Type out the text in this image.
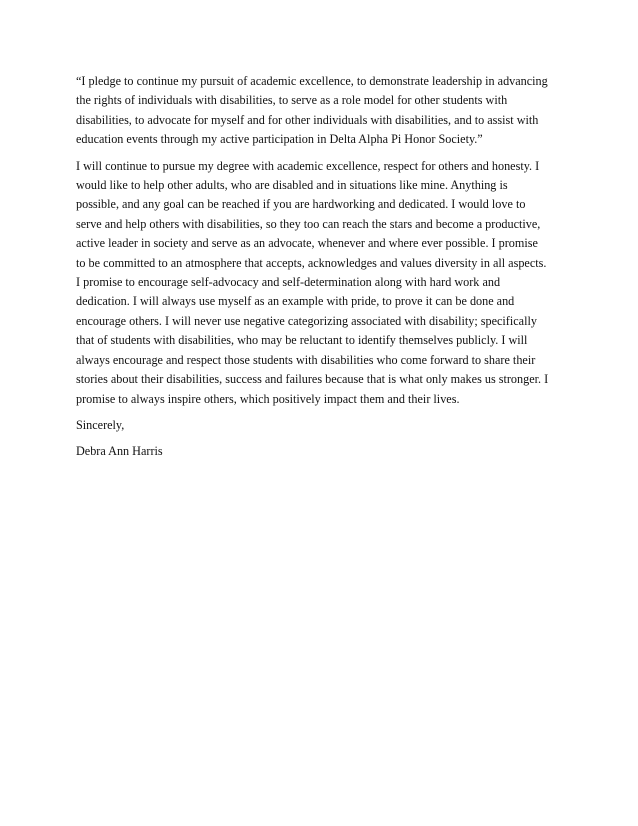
“I pledge to continue my pursuit of academic excellence, to demonstrate leadership in advancing
the rights of individuals with disabilities, to serve as a role model for other students with
disabilities, to advocate for myself and for other individuals with disabilities, and to assist with
education events through my active participation in Delta Alpha Pi Honor Society.”

I will continue to pursue my degree with academic excellence, respect for others and honesty. I
would like to help other adults, who are disabled and in situations like mine. Anything is
possible, and any goal can be reached if you are hardworking and dedicated. I would love to
serve and help others with disabilities, so they too can reach the stars and become a productive,
active leader in society and serve as an advocate, whenever and where ever possible. I promise
to be committed to an atmosphere that accepts, acknowledges and values diversity in all aspects.
I promise to encourage self-advocacy and self-determination along with hard work and
dedication. I will always use myself as an example with pride, to prove it can be done and
encourage others. I will never use negative categorizing associated with disability; specifically
that of students with disabilities, who may be reluctant to identify themselves publicly. I will
always encourage and respect those students with disabilities who come forward to share their
stories about their disabilities, success and failures because that is what only makes us stronger. I
promise to always inspire others, which positively impact them and their lives.

Sincerely,

Debra Ann Harris
